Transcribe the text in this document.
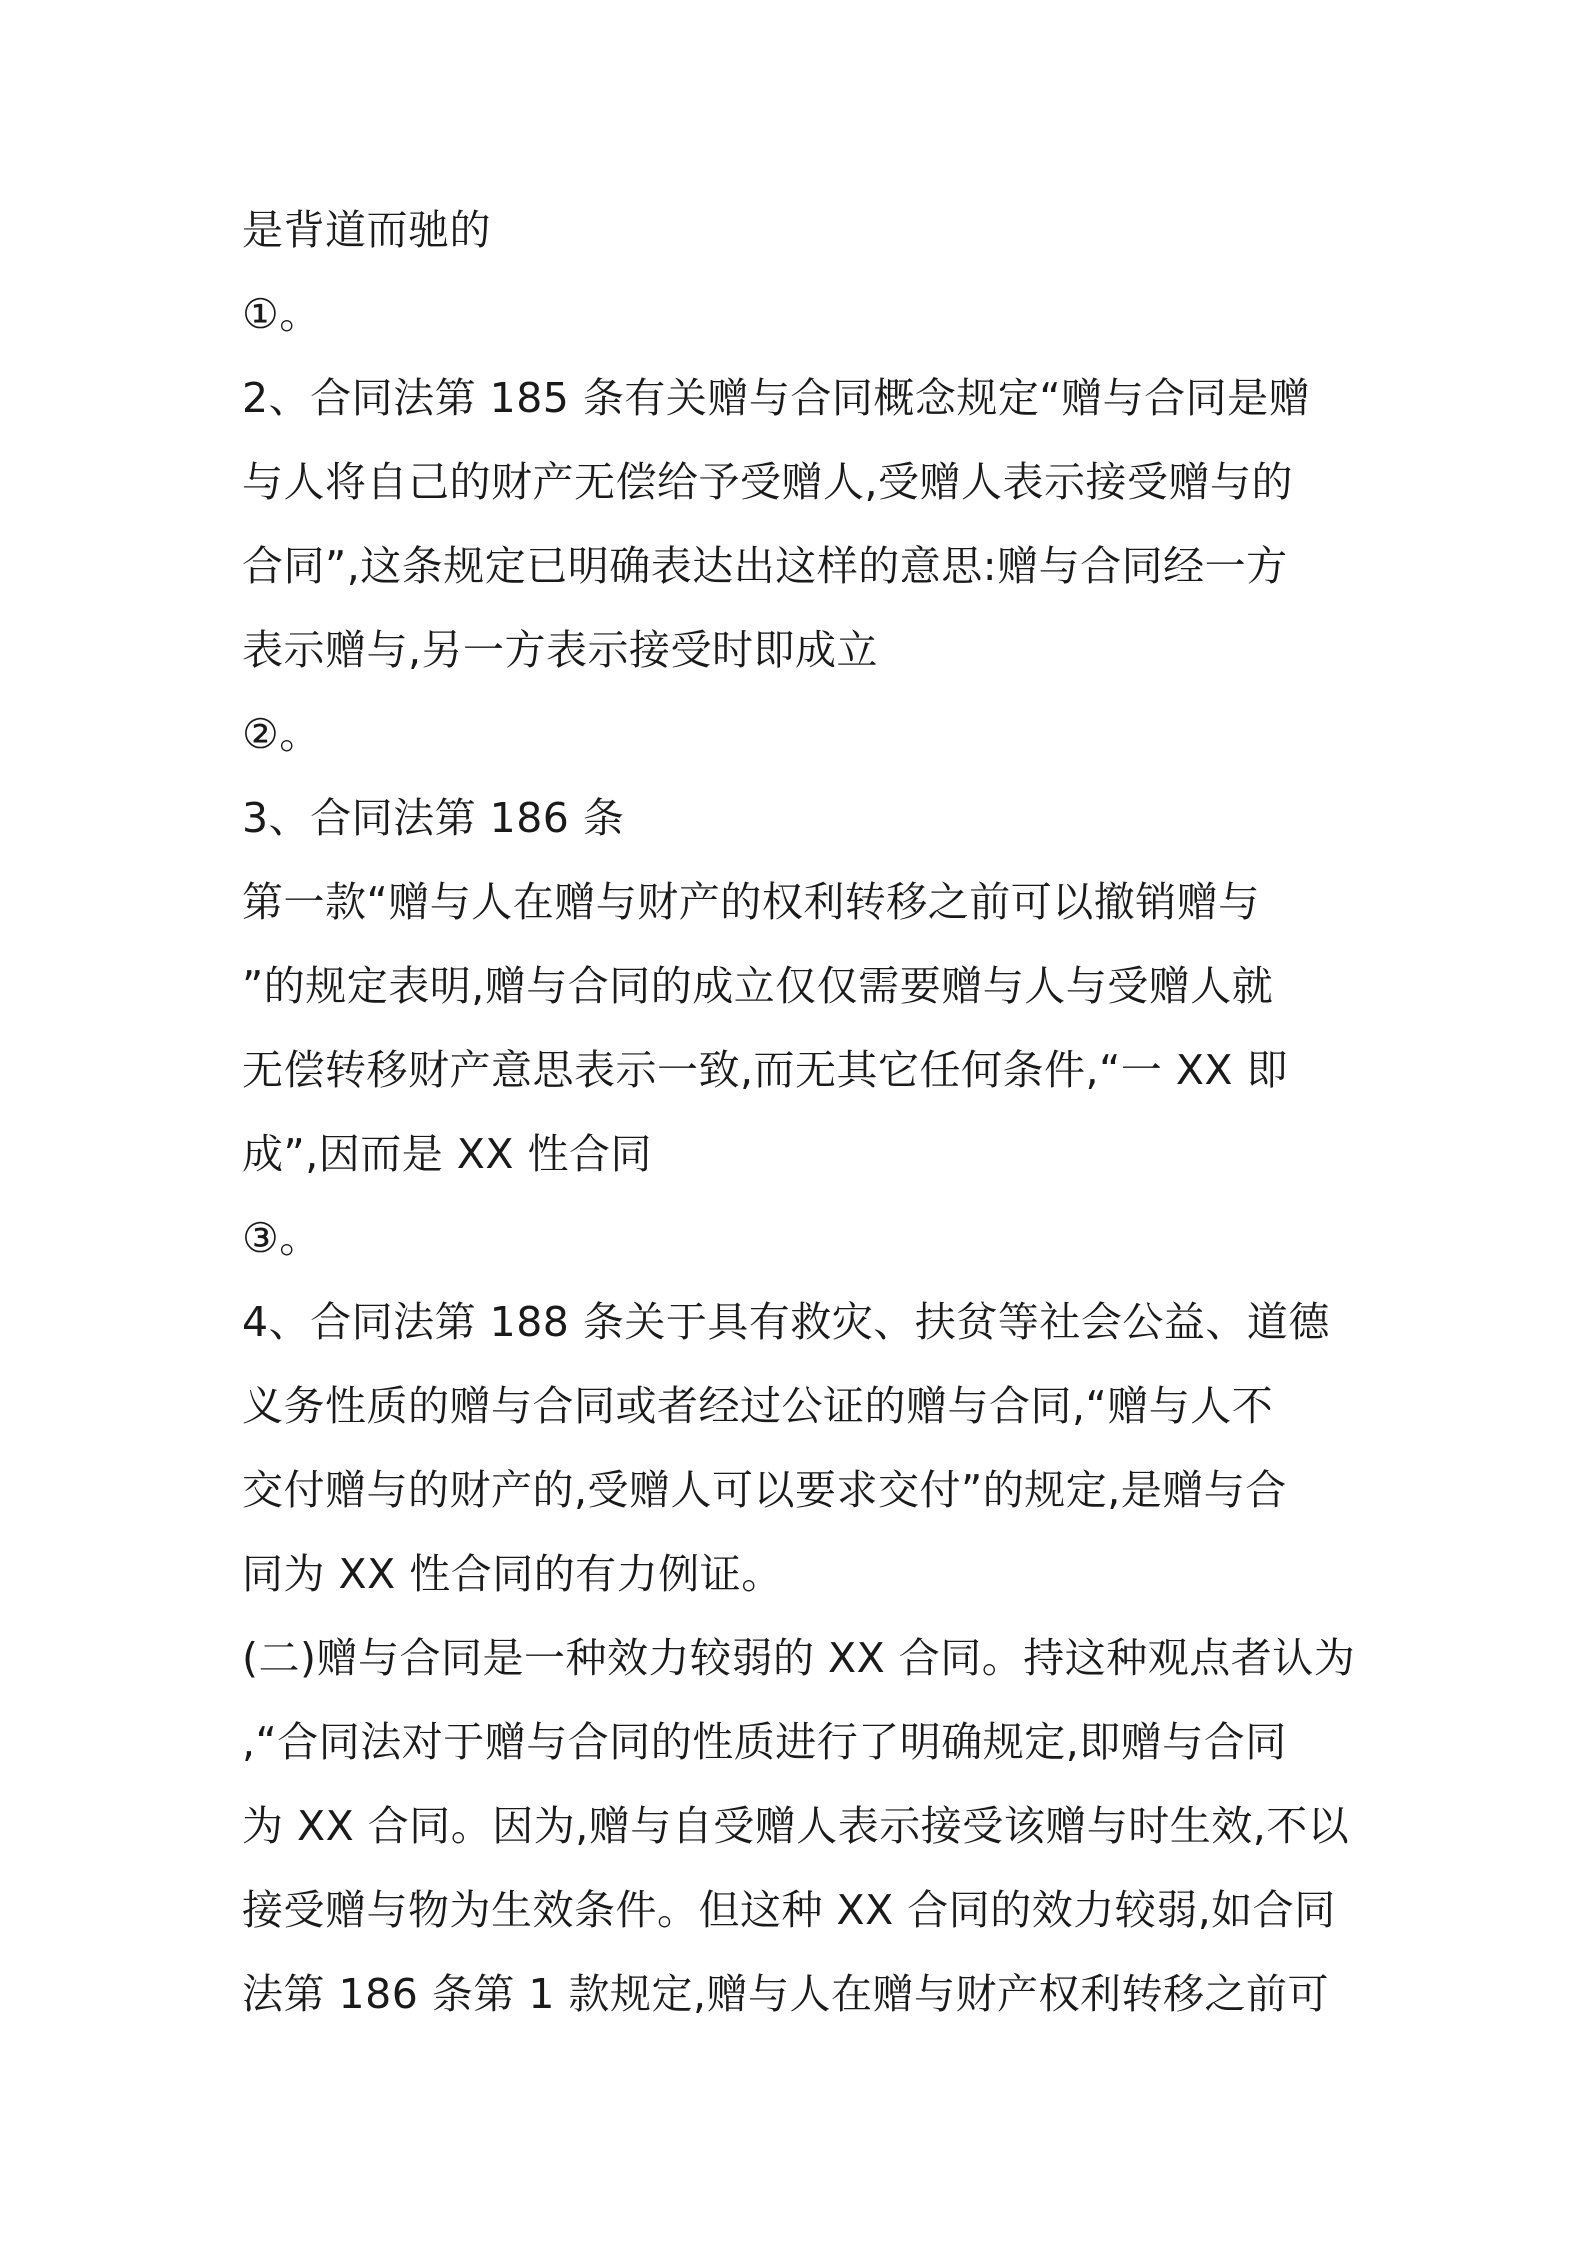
是背道而驰的
①。
2、合同法第 185 条有关赠与合同概念规定“赠与合同是赠
与人将自己的财产无偿给予受赠人,受赠人表示接受赠与的
合同”,这条规定已明确表达出这样的意思:赠与合同经一方
表示赠与,另一方表示接受时即成立
②。
3、合同法第 186 条
第一款“赠与人在赠与财产的权利转移之前可以撤销赠与
”的规定表明,赠与合同的成立仅仅需要赠与人与受赠人就
无偿转移财产意思表示一致,而无其它任何条件,“一 XX 即
成”,因而是 XX 性合同
③。
4、合同法第 188 条关于具有救灾、扶贫等社会公益、道德
义务性质的赠与合同或者经过公证的赠与合同,“赠与人不
交付赠与的财产的,受赠人可以要求交付”的规定,是赠与合
同为 XX 性合同的有力例证。
(二)赠与合同是一种效力较弱的 XX 合同。持这种观点者认为
,“合同法对于赠与合同的性质进行了明确规定,即赠与合同
为 XX 合同。因为,赠与自受赠人表示接受该赠与时生效,不以
接受赠与物为生效条件。但这种 XX 合同的效力较弱,如合同
法第 186 条第 1 款规定,赠与人在赠与财产权利转移之前可
